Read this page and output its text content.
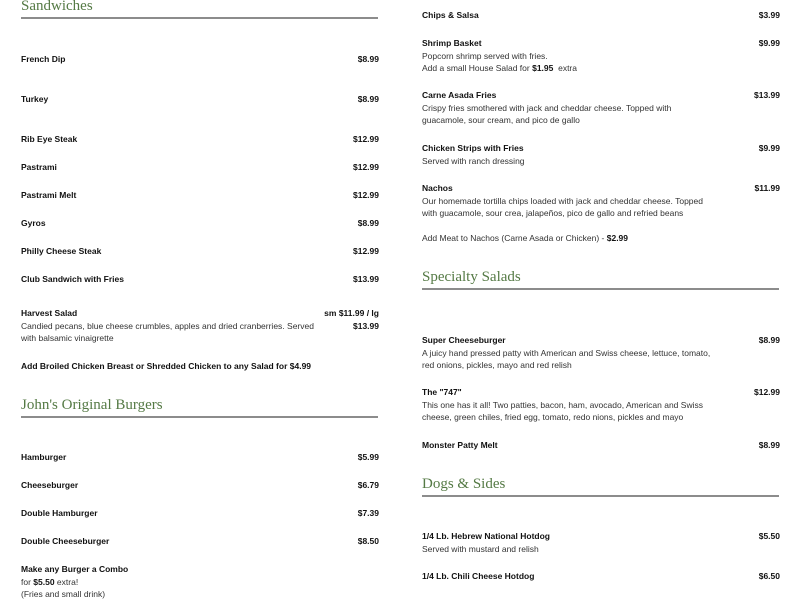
Sandwiches
French Dip	$8.99
Turkey	$8.99
Rib Eye Steak	$12.99
Pastrami	$12.99
Pastrami Melt	$12.99
Gyros	$8.99
Philly Cheese Steak	$12.99
Club Sandwich with Fries	$13.99
Harvest Salad	sm $11.99 / lg
$13.99
Candied pecans, blue cheese crumbles, apples and dried cranberries. Served
with balsamic vinaigrette
Add Broiled Chicken Breast or Shredded Chicken to any Salad for $4.99
John's Original Burgers
Hamburger	$5.99
Cheeseburger	$6.79
Double Hamburger	$7.39
Double Cheeseburger	$8.50
Make any Burger a Combo
for $5.50 extra!
(Fries and small drink)
Chips & Salsa	$3.99
Shrimp Basket	$9.99
Popcorn shrimp served with fries.
Add a small House Salad for $1.95  extra
Carne Asada Fries	$13.99
Crispy fries smothered with jack and cheddar cheese. Topped with
guacamole, sour cream, and pico de gallo
Chicken Strips with Fries	$9.99
Served with ranch dressing
Nachos	$11.99
Our homemade tortilla chips loaded with jack and cheddar cheese. Topped
with guacamole, sour crea, jalapeños, pico de gallo and refried beans
Add Meat to Nachos (Carne Asada or Chicken) - $2.99
Specialty Salads
Super Cheeseburger	$8.99
A juicy hand pressed patty with American and Swiss cheese, lettuce, tomato,
red onions, pickles, mayo and red relish
The "747"	$12.99
This one has it all! Two patties, bacon, ham, avocado, American and Swiss
cheese, green chiles, fried egg, tomato, redo nions, pickles and mayo
Monster Patty Melt	$8.99
Dogs & Sides
1/4 Lb. Hebrew National Hotdog	$5.50
Served with mustard and relish
1/4 Lb. Chili Cheese Hotdog	$6.50
